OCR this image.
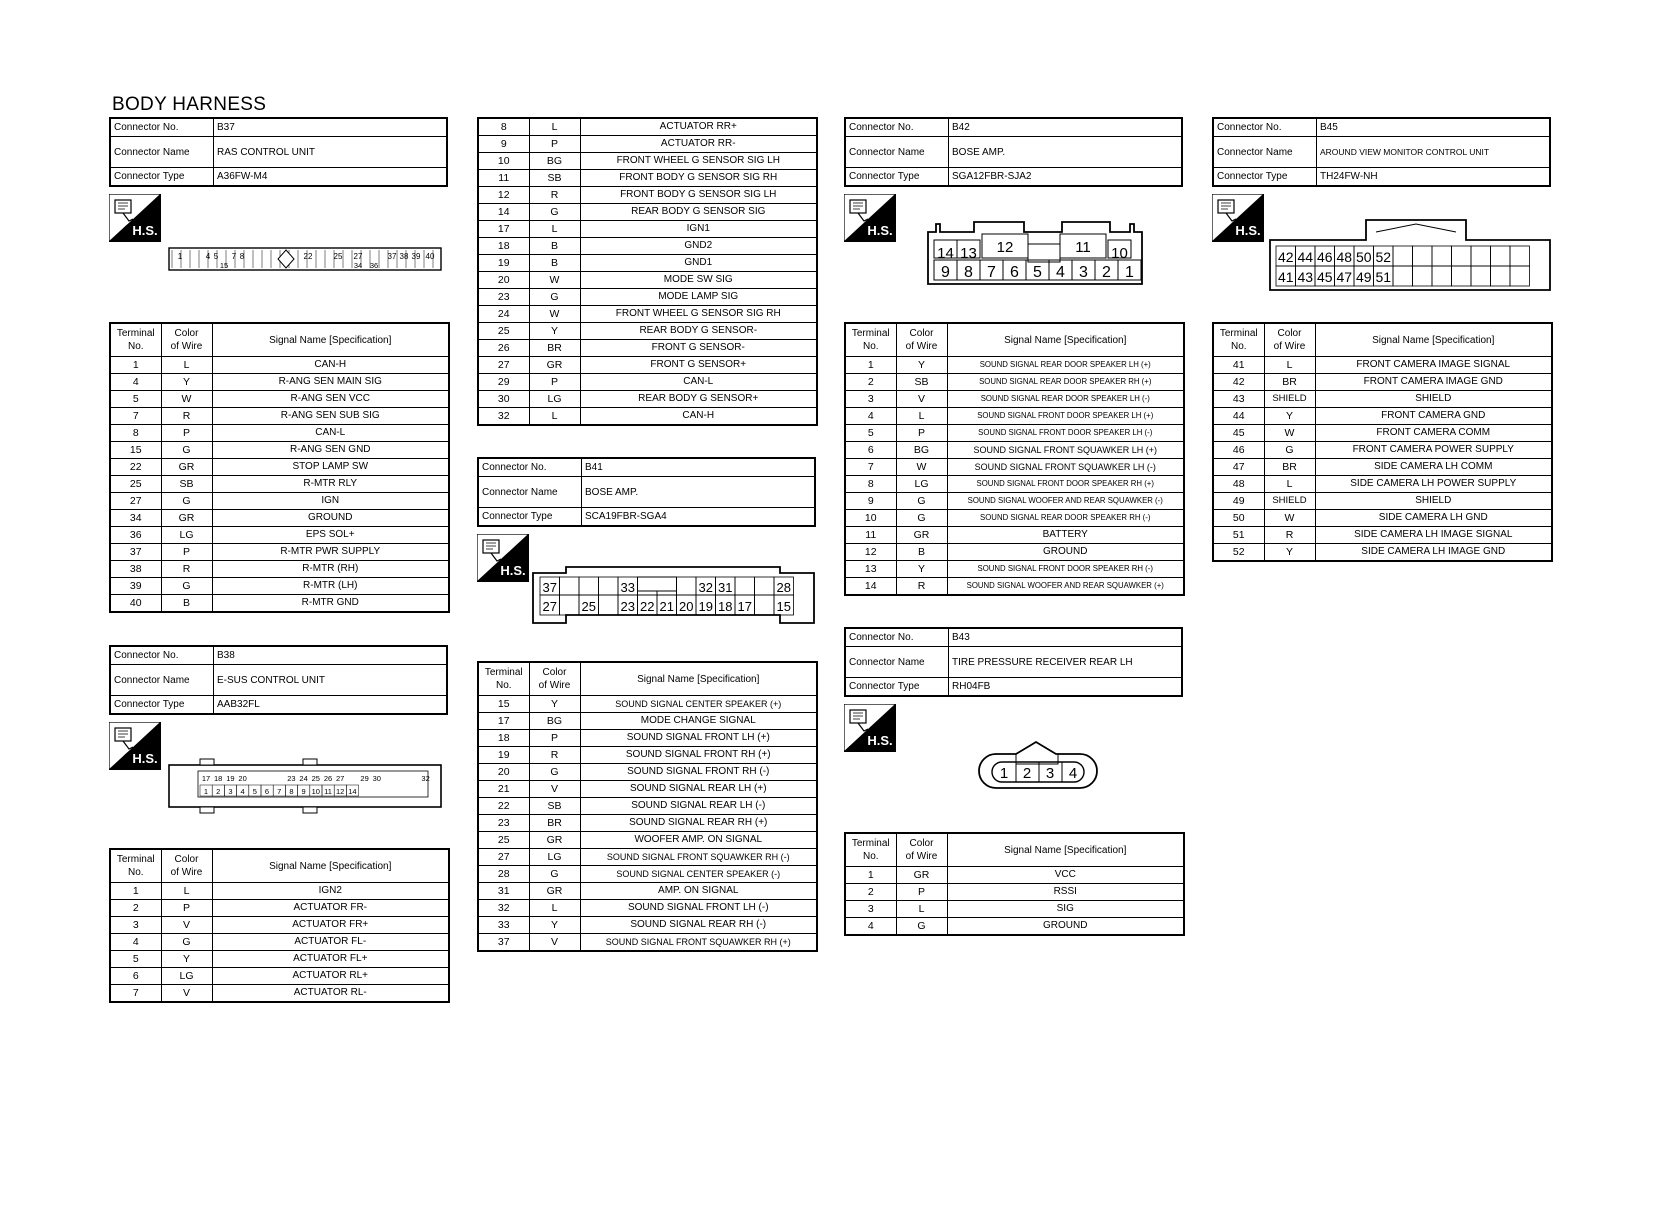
BODY HARNESS
Connector No.	B37
Connector Name	RAS CONTROL UNIT
Connector Type	A36FW-M4
H.S.
1	4 5 7 8	22	25 27	37 38 39 40
15	34 36
Terminal
No.	Color
of Wire	Signal Name [Specification]
1	L	CAN-H
4	Y	R-ANG SEN MAIN SIG
5	W	R-ANG SEN VCC
7	R	R-ANG SEN SUB SIG
8	P	CAN-L
15	G	R-ANG SEN GND
22	GR	STOP LAMP SW
25	SB	R-MTR RLY
27	G	IGN
34	GR	GROUND
36	LG	EPS SOL+
37	P	R-MTR PWR SUPPLY
38	R	R-MTR (RH)
39	G	R-MTR (LH)
40	B	R-MTR GND
Connector No.	B38
Connector Name	E-SUS CONTROL UNIT
Connector Type	AAB32FL
H.S.
17 18 19 20	23 24 25 26 27 29 30	32
1 2 3 4 5 6 7 8 9 10 11 12 14
Terminal
No.	Color
of Wire	Signal Name [Specification]
1	L	IGN2
2	P	ACTUATOR FR-
3	V	ACTUATOR FR+
4	G	ACTUATOR FL-
5	Y	ACTUATOR FL+
6	LG	ACTUATOR RL+
7	V	ACTUATOR RL-
8	L	ACTUATOR RR+
9	P	ACTUATOR RR-
10	BG	FRONT WHEEL G SENSOR SIG LH
11	SB	FRONT BODY G SENSOR SIG RH
12	R	FRONT BODY G SENSOR SIG LH
14	G	REAR BODY G SENSOR SIG
17	L	IGN1
18	B	GND2
19	B	GND1
20	W	MODE SW SIG
23	G	MODE LAMP SIG
24	W	FRONT WHEEL G SENSOR SIG RH
25	Y	REAR BODY G SENSOR-
26	BR	FRONT G SENSOR-
27	GR	FRONT G SENSOR+
29	P	CAN-L
30	LG	REAR BODY G SENSOR+
32	L	CAN-H
Connector No.	B41
Connector Name	BOSE AMP.
Connector Type	SCA19FBR-SGA4
H.S.
37	33	32 31	28
27 25 23 22 21 20 19 18 17 15
Terminal
No.	Color
of Wire	Signal Name [Specification]
15	Y	SOUND SIGNAL CENTER SPEAKER (+)
17	BG	MODE CHANGE SIGNAL
18	P	SOUND SIGNAL FRONT LH (+)
19	R	SOUND SIGNAL FRONT RH (+)
20	G	SOUND SIGNAL FRONT RH (-)
21	V	SOUND SIGNAL REAR LH (+)
22	SB	SOUND SIGNAL REAR LH (-)
23	BR	SOUND SIGNAL REAR RH (+)
25	GR	WOOFER AMP. ON SIGNAL
27	LG	SOUND SIGNAL FRONT SQUAWKER RH (-)
28	G	SOUND SIGNAL CENTER SPEAKER (-)
31	GR	AMP. ON SIGNAL
32	L	SOUND SIGNAL FRONT LH (-)
33	Y	SOUND SIGNAL REAR RH (-)
37	V	SOUND SIGNAL FRONT SQUAWKER RH (+)
Connector No.	B42
Connector Name	BOSE AMP.
Connector Type	SGA12FBR-SJA2
H.S.
14 13 12	11 10
9 8 7 6 5 4 3 2 1
Terminal
No.	Color
of Wire	Signal Name [Specification]
1	Y	SOUND SIGNAL REAR DOOR SPEAKER LH (+)
2	SB	SOUND SIGNAL REAR DOOR SPEAKER RH (+)
3	V	SOUND SIGNAL REAR DOOR SPEAKER LH (-)
4	L	SOUND SIGNAL FRONT DOOR SPEAKER LH (+)
5	P	SOUND SIGNAL FRONT DOOR SPEAKER LH (-)
6	BG	SOUND SIGNAL FRONT SQUAWKER LH (+)
7	W	SOUND SIGNAL FRONT SQUAWKER LH (-)
8	LG	SOUND SIGNAL FRONT DOOR SPEAKER RH (+)
9	G	SOUND SIGNAL WOOFER AND REAR SQUAWKER (-)
10	G	SOUND SIGNAL REAR DOOR SPEAKER RH (-)
11	GR	BATTERY
12	B	GROUND
13	Y	SOUND SIGNAL FRONT DOOR SPEAKER RH (-)
14	R	SOUND SIGNAL WOOFER AND REAR SQUAWKER (+)
Connector No.	B43
Connector Name	TIRE PRESSURE RECEIVER REAR LH
Connector Type	RH04FB
H.S.
1 2 3 4
Terminal
No.	Color
of Wire	Signal Name [Specification]
1	GR	VCC
2	P	RSSI
3	L	SIG
4	G	GROUND
Connector No.	B45
Connector Name	AROUND VIEW MONITOR CONTROL UNIT
Connector Type	TH24FW-NH
H.S.
42 44 46 48 50 52
41 43 45 47 49 51
Terminal
No.	Color
of Wire	Signal Name [Specification]
41	L	FRONT CAMERA IMAGE SIGNAL
42	BR	FRONT CAMERA IMAGE GND
43	SHIELD	SHIELD
44	Y	FRONT CAMERA GND
45	W	FRONT CAMERA COMM
46	G	FRONT CAMERA POWER SUPPLY
47	BR	SIDE CAMERA LH COMM
48	L	SIDE CAMERA LH POWER SUPPLY
49	SHIELD	SHIELD
50	W	SIDE CAMERA LH GND
51	R	SIDE CAMERA LH IMAGE SIGNAL
52	Y	SIDE CAMERA LH IMAGE GND
